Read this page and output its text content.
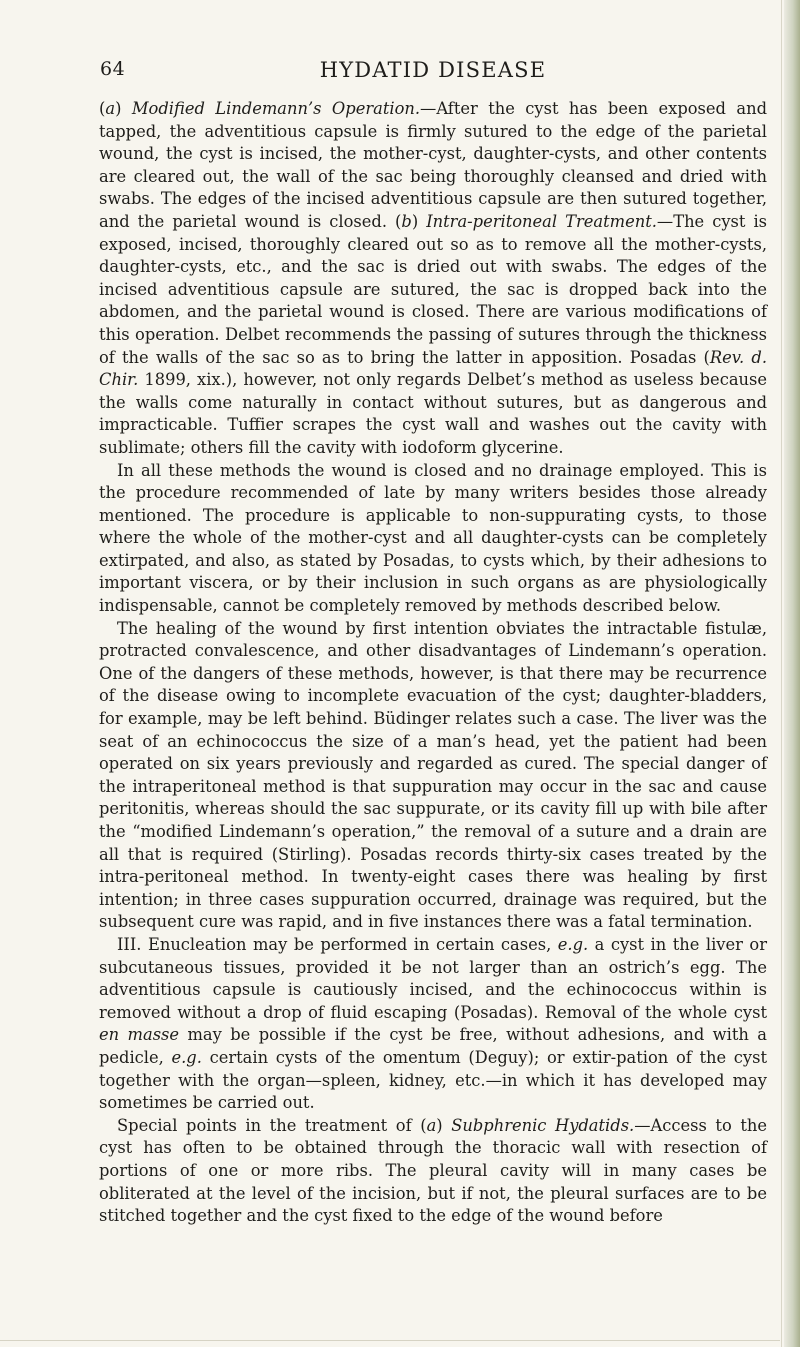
64	HYDATID DISEASE

(a) Modified Lindemann’s Operation.—After the cyst has been exposed and tapped, the adventitious capsule is firmly sutured to the edge of the parietal wound, the cyst is incised, the mother-cyst, daughter-cysts, and other contents are cleared out, the wall of the sac being thoroughly cleansed and dried with swabs. The edges of the incised adventitious capsule are then sutured together, and the parietal wound is closed. (b) Intra-peritoneal Treatment.—The cyst is exposed, incised, thoroughly cleared out so as to remove all the mother-cysts, daughter-cysts, etc., and the sac is dried out with swabs. The edges of the incised adventitious capsule are sutured, the sac is dropped back into the abdomen, and the parietal wound is closed. There are various modifications of this operation. Delbet recommends the passing of sutures through the thickness of the walls of the sac so as to bring the latter in apposition. Posadas (Rev. d. Chir. 1899, xix.), however, not only regards Delbet’s method as useless because the walls come naturally in contact without sutures, but as dangerous and impracticable. Tuffier scrapes the cyst wall and washes out the cavity with sublimate; others fill the cavity with iodoform glycerine.

In all these methods the wound is closed and no drainage employed. This is the procedure recommended of late by many writers besides those already mentioned. The procedure is applicable to non-suppurating cysts, to those where the whole of the mother-cyst and all daughter-cysts can be completely extirpated, and also, as stated by Posadas, to cysts which, by their adhesions to important viscera, or by their inclusion in such organs as are physiologically indispensable, cannot be completely removed by methods described below.

The healing of the wound by first intention obviates the intractable fistulæ, protracted convalescence, and other disadvantages of Lindemann’s operation. One of the dangers of these methods, however, is that there may be recurrence of the disease owing to incomplete evacuation of the cyst; daughter-bladders, for example, may be left behind. Büdinger relates such a case. The liver was the seat of an echinococcus the size of a man’s head, yet the patient had been operated on six years previously and regarded as cured. The special danger of the intraperitoneal method is that suppuration may occur in the sac and cause peritonitis, whereas should the sac suppurate, or its cavity fill up with bile after the “modified Lindemann’s operation,” the removal of a suture and a drain are all that is required (Stirling). Posadas records thirty-six cases treated by the intra-peritoneal method. In twenty-eight cases there was healing by first intention; in three cases suppuration occurred, drainage was required, but the subsequent cure was rapid, and in five instances there was a fatal termination.

III. Enucleation may be performed in certain cases, e.g. a cyst in the liver or subcutaneous tissues, provided it be not larger than an ostrich’s egg. The adventitious capsule is cautiously incised, and the echinococcus within is removed without a drop of fluid escaping (Posadas). Removal of the whole cyst en masse may be possible if the cyst be free, without adhesions, and with a pedicle, e.g. certain cysts of the omentum (Deguy); or extir-pation of the cyst together with the organ—spleen, kidney, etc.—in which it has developed may sometimes be carried out.

Special points in the treatment of (a) Subphrenic Hydatids.—Access to the cyst has often to be obtained through the thoracic wall with resection of portions of one or more ribs. The pleural cavity will in many cases be obliterated at the level of the incision, but if not, the pleural surfaces are to be stitched together and the cyst fixed to the edge of the wound before
